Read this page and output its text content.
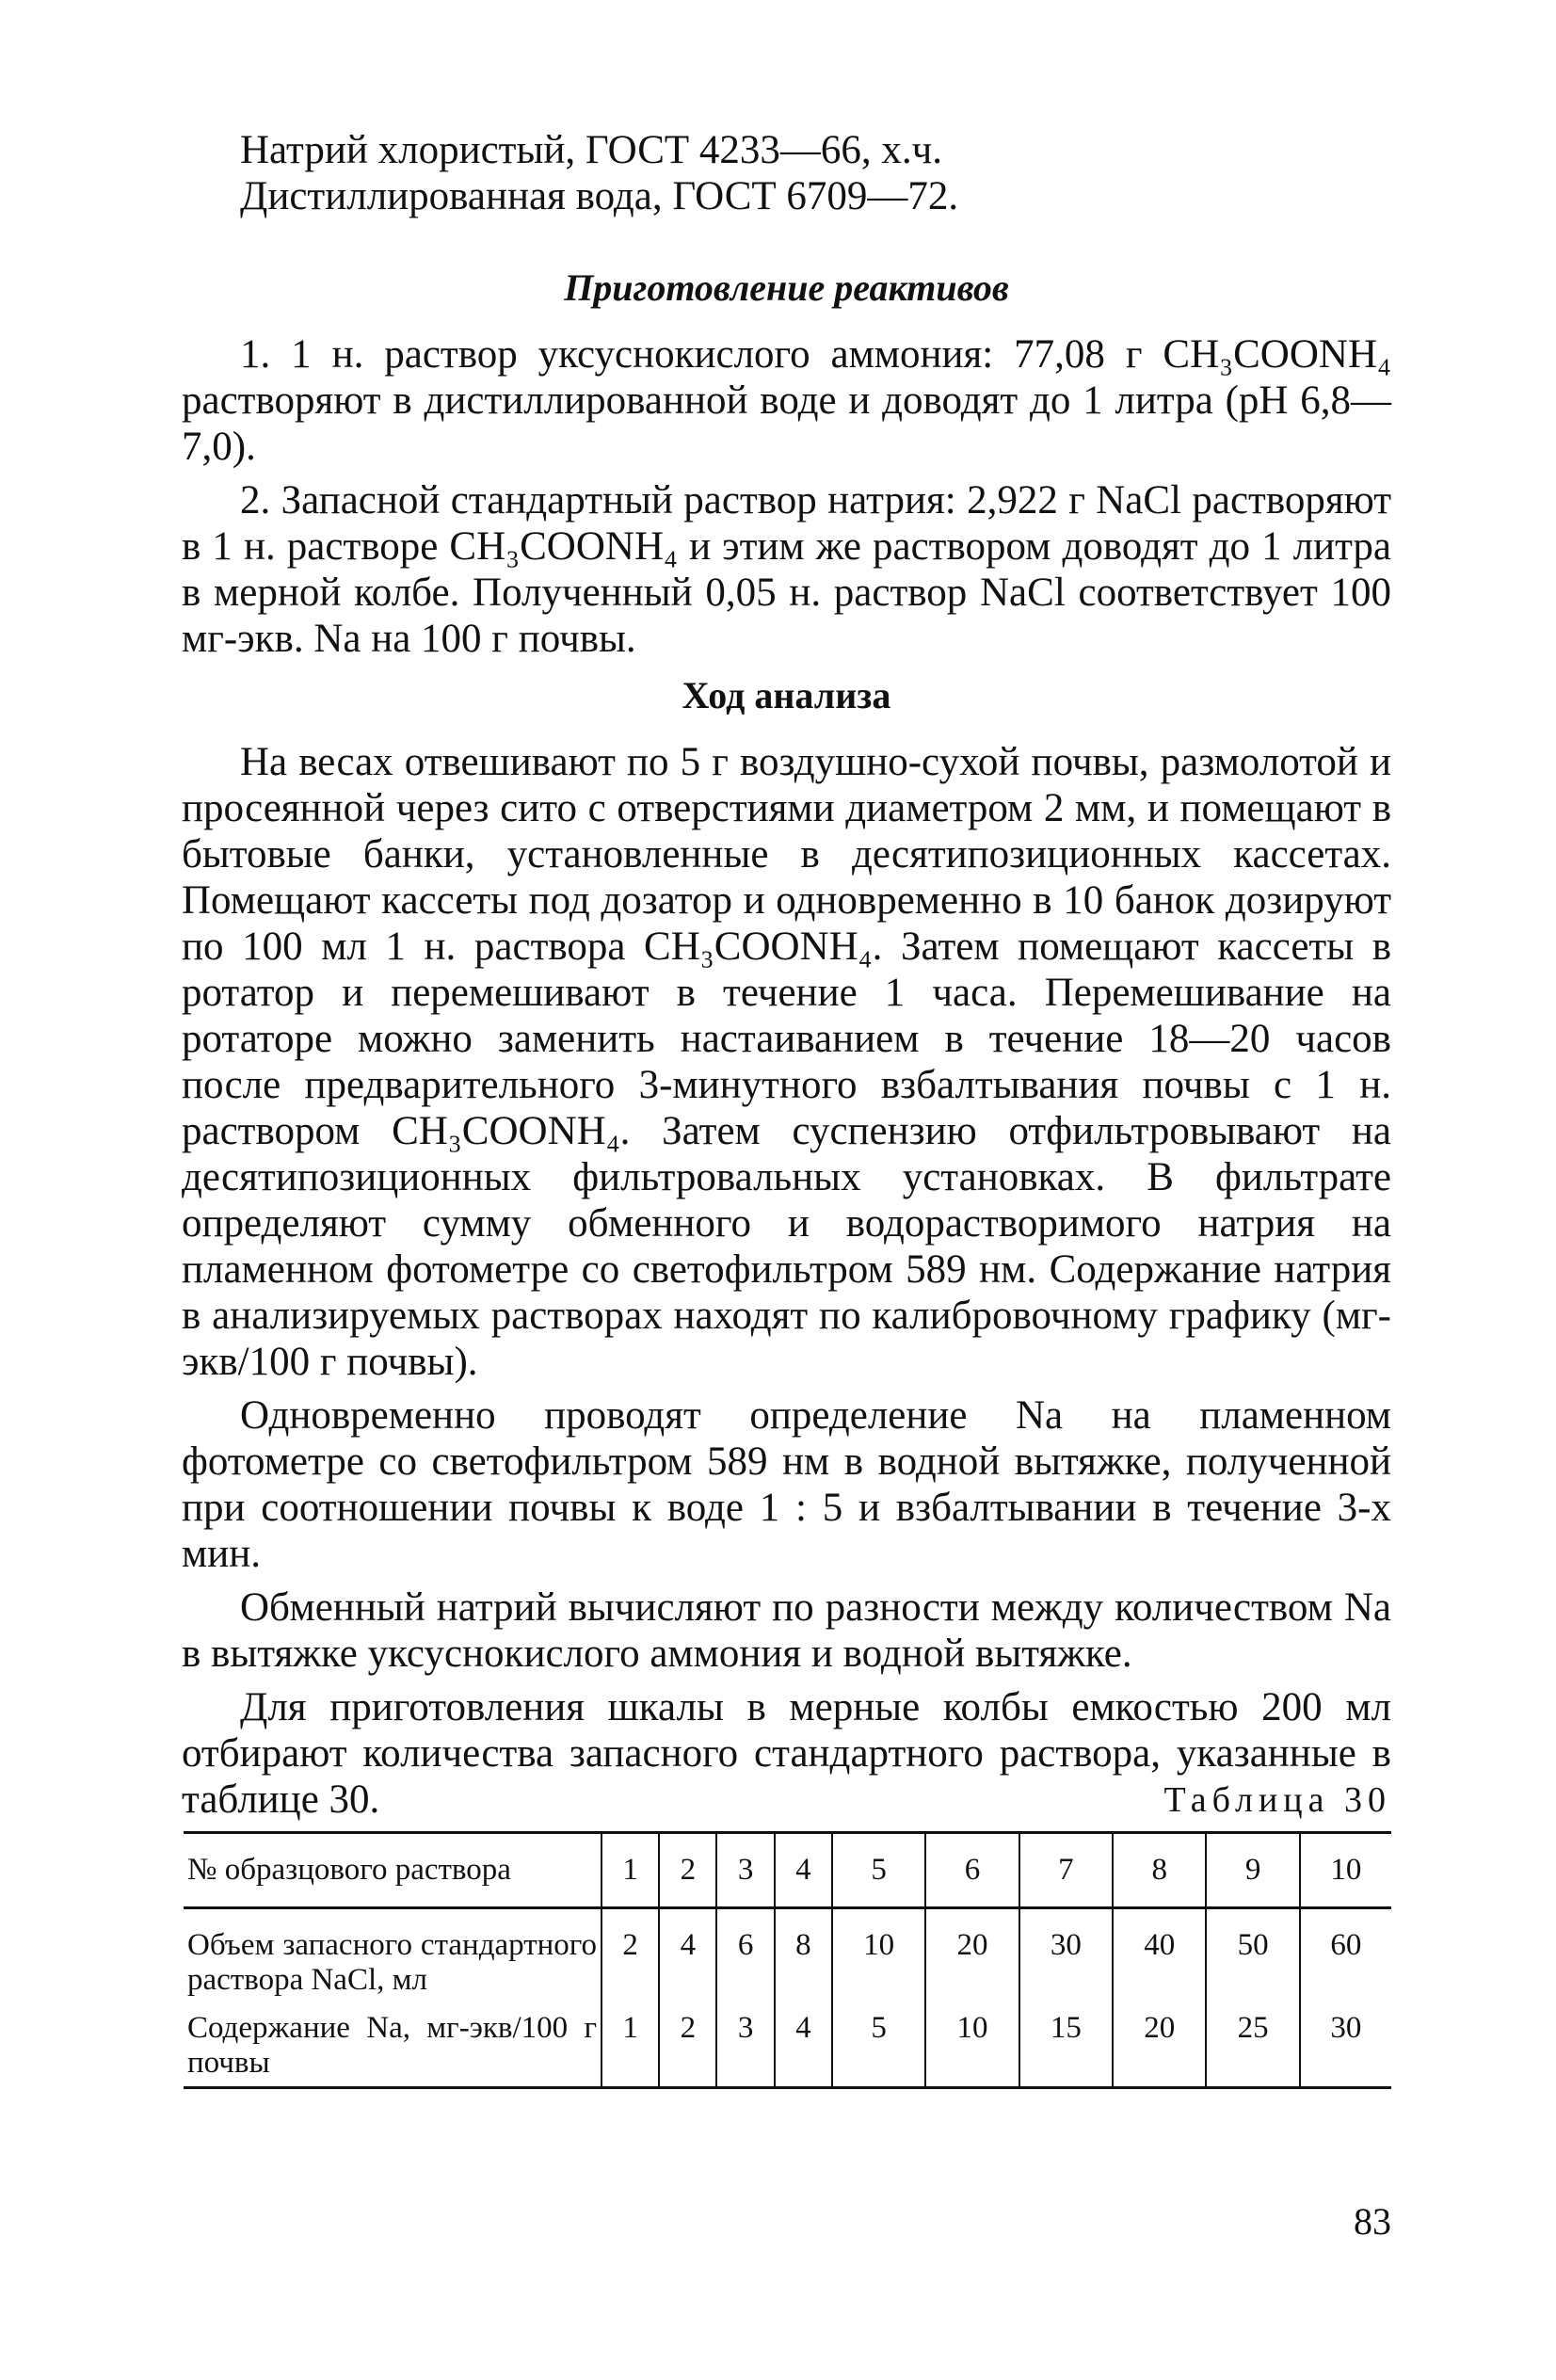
Натрий хлористый, ГОСТ 4233—66, х.ч.

Дистиллированная вода, ГОСТ 6709—72.

Приготовление реактивов

1. 1 н. раствор уксуснокислого аммония: 77,08 г CH₃COONH₄ растворяют в дистиллированной воде и доводят до 1 литра (pH 6,8—7,0).

2. Запасной стандартный раствор натрия: 2,922 г NaCl растворяют в 1 н. растворе CH₃COONH₄ и этим же раствором доводят до 1 литра в мерной колбе. Полученный 0,05 н. раствор NaCl соответствует 100 мг-экв. Na на 100 г почвы.

Ход анализа

На весах отвешивают по 5 г воздушно-сухой почвы, размолотой и просеянной через сито с отверстиями диаметром 2 мм, и помещают в бытовые банки, установленные в десятипозиционных кассетах. Помещают кассеты под дозатор и одновременно в 10 банок дозируют по 100 мл 1 н. раствора CH₃COONH₄. Затем помещают кассеты в ротатор и перемешивают в течение 1 часа. Перемешивание на ротаторе можно заменить настаиванием в течение 18—20 часов после предварительного 3-минутного взбалтывания почвы с 1 н. раствором CH₃COONH₄. Затем суспензию отфильтровывают на десятипозиционных фильтровальных установках. В фильтрате определяют сумму обменного и водорастворимого натрия на пламенном фотометре со светофильтром 589 нм. Содержание натрия в анализируемых растворах находят по калибровочному графику (мг-экв/100 г почвы).

Одновременно проводят определение Na на пламенном фотометре со светофильтром 589 нм в водной вытяжке, полученной при соотношении почвы к воде 1 : 5 и взбалтывании в течение 3-х мин.

Обменный натрий вычисляют по разности между количеством Na в вытяжке уксуснокислого аммония и водной вытяжке.

Для приготовления шкалы в мерные колбы емкостью 200 мл отбирают количества запасного стандартного раствора, указанные в таблице 30.	Таблица 30
№ образцового раствора	1	2	3	4	5	6	7	8	9	10
Объем запасного стандартного раствора NaCl, мл	2	4	6	8	10	20	30	40	50	60
Содержание Na, мг-экв/100 г почвы	1	2	3	4	5	10	15	20	25	30
83
